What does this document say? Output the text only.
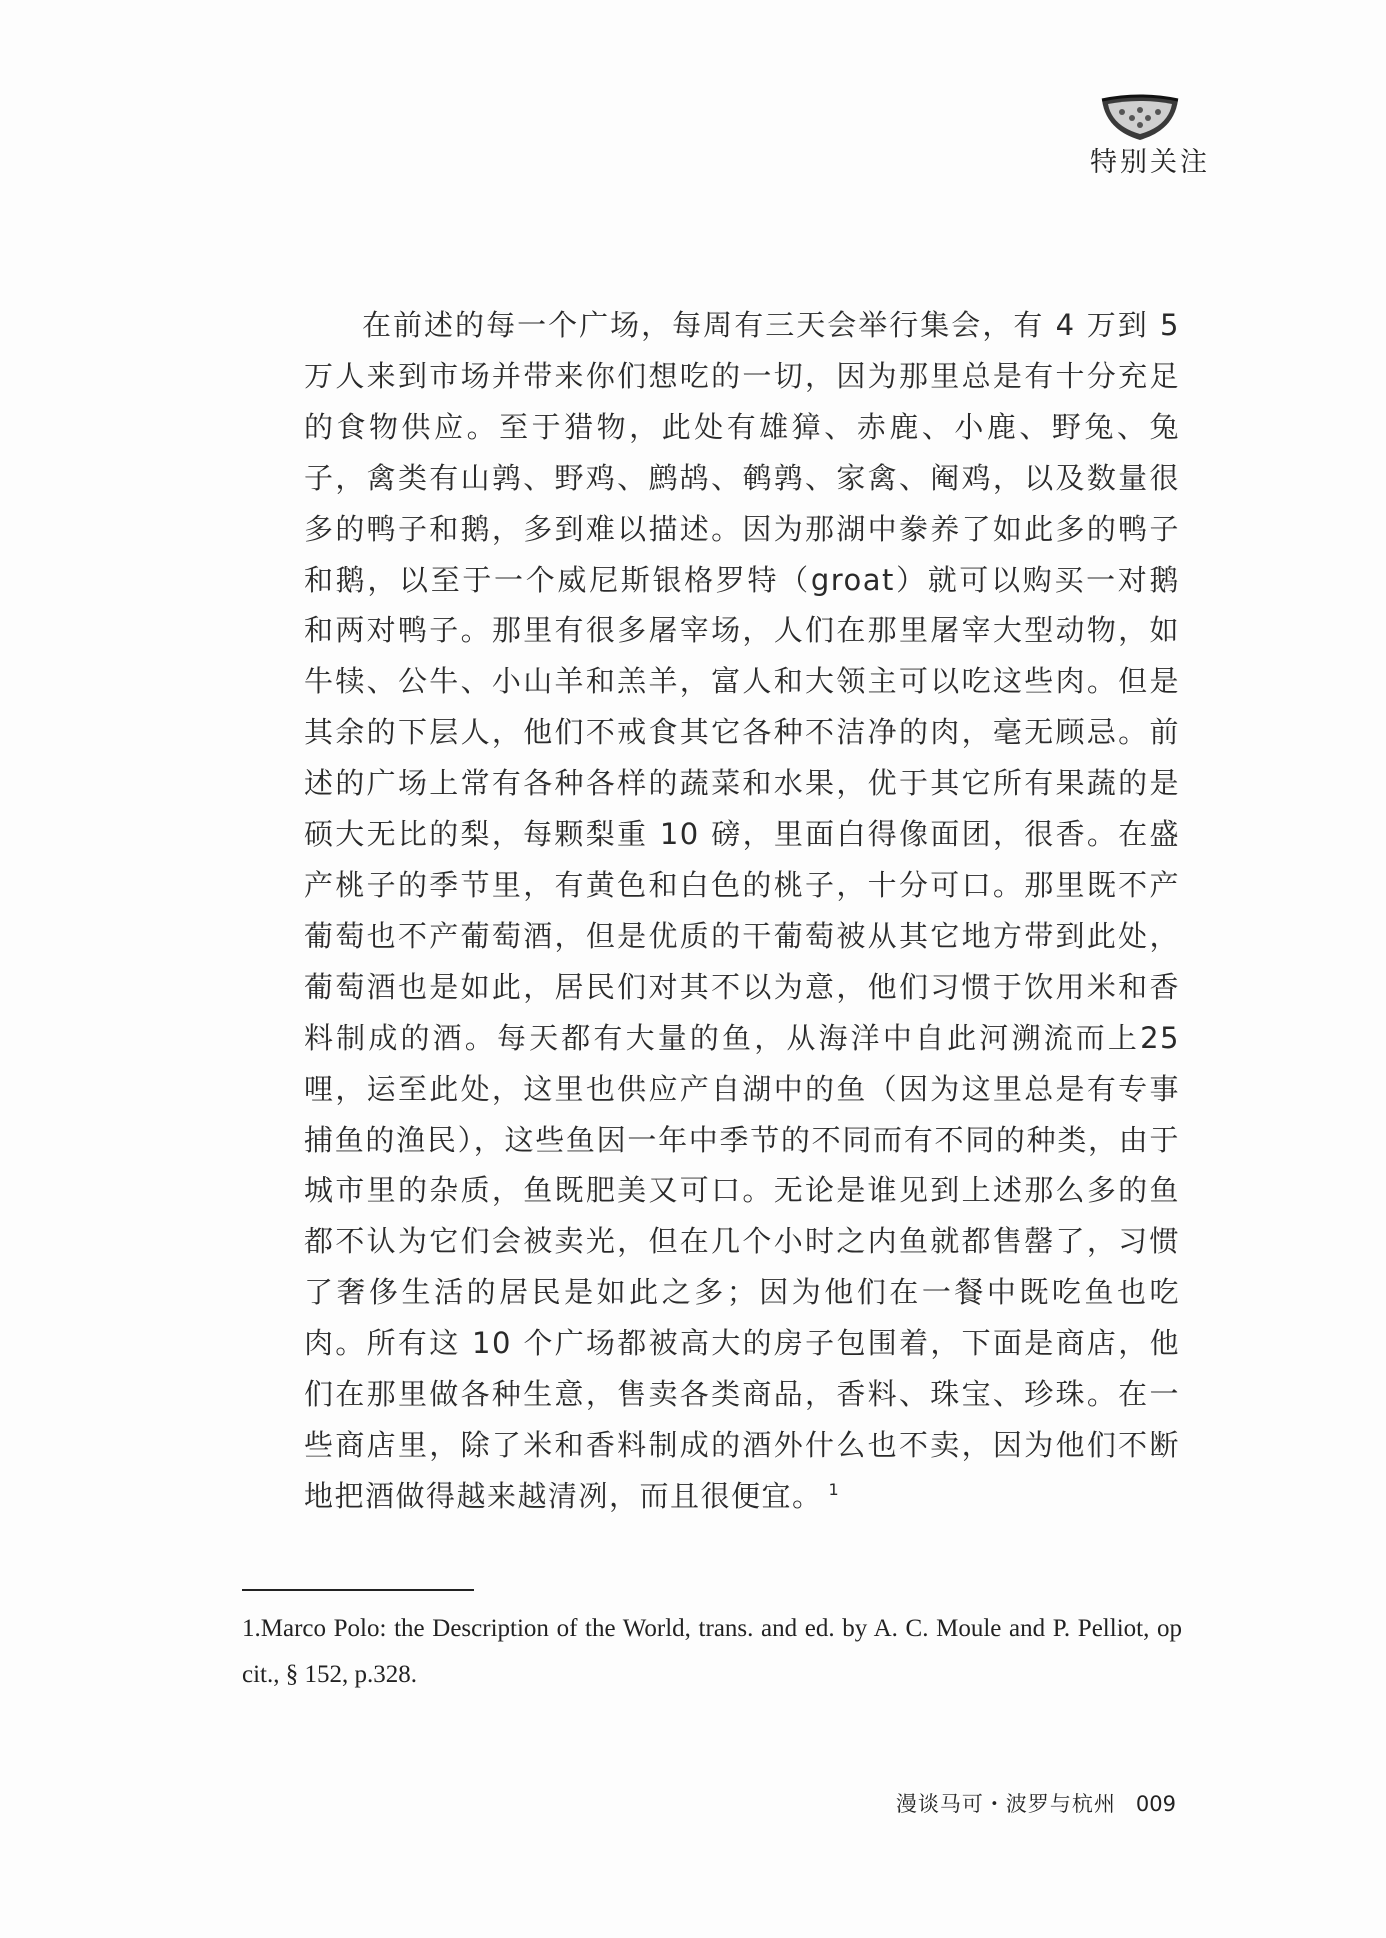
特别关注

在前述的每一个广场，每周有三天会举行集会，有 4 万到 5 万人来到市场并带来你们想吃的一切，因为那里总是有十分充足的食物供应。至于猎物，此处有雄獐、赤鹿、小鹿、野兔、兔子，禽类有山鹑、野鸡、鹧鸪、鹌鹑、家禽、阉鸡，以及数量很多的鸭子和鹅，多到难以描述。因为那湖中豢养了如此多的鸭子和鹅，以至于一个威尼斯银格罗特（groat）就可以购买一对鹅和两对鸭子。那里有很多屠宰场，人们在那里屠宰大型动物，如牛犊、公牛、小山羊和羔羊，富人和大领主可以吃这些肉。但是其余的下层人，他们不戒食其它各种不洁净的肉，毫无顾忌。前述的广场上常有各种各样的蔬菜和水果，优于其它所有果蔬的是硕大无比的梨，每颗梨重 10 磅，里面白得像面团，很香。在盛产桃子的季节里，有黄色和白色的桃子，十分可口。那里既不产葡萄也不产葡萄酒，但是优质的干葡萄被从其它地方带到此处，葡萄酒也是如此，居民们对其不以为意，他们习惯于饮用米和香料制成的酒。每天都有大量的鱼，从海洋中自此河溯流而上25哩，运至此处，这里也供应产自湖中的鱼（因为这里总是有专事捕鱼的渔民），这些鱼因一年中季节的不同而有不同的种类，由于城市里的杂质，鱼既肥美又可口。无论是谁见到上述那么多的鱼都不认为它们会被卖光，但在几个小时之内鱼就都售罄了，习惯了奢侈生活的居民是如此之多；因为他们在一餐中既吃鱼也吃肉。所有这 10 个广场都被高大的房子包围着，下面是商店，他们在那里做各种生意，售卖各类商品，香料、珠宝、珍珠。在一些商店里，除了米和香料制成的酒外什么也不卖，因为他们不断地把酒做得越来越清冽，而且很便宜。 $^1$

1.Marco Polo: the Description of the World, trans. and ed. by A. C. Moule and P. Pelliot, op cit., § 152, p.328.

漫谈马可・波罗与杭州 009
